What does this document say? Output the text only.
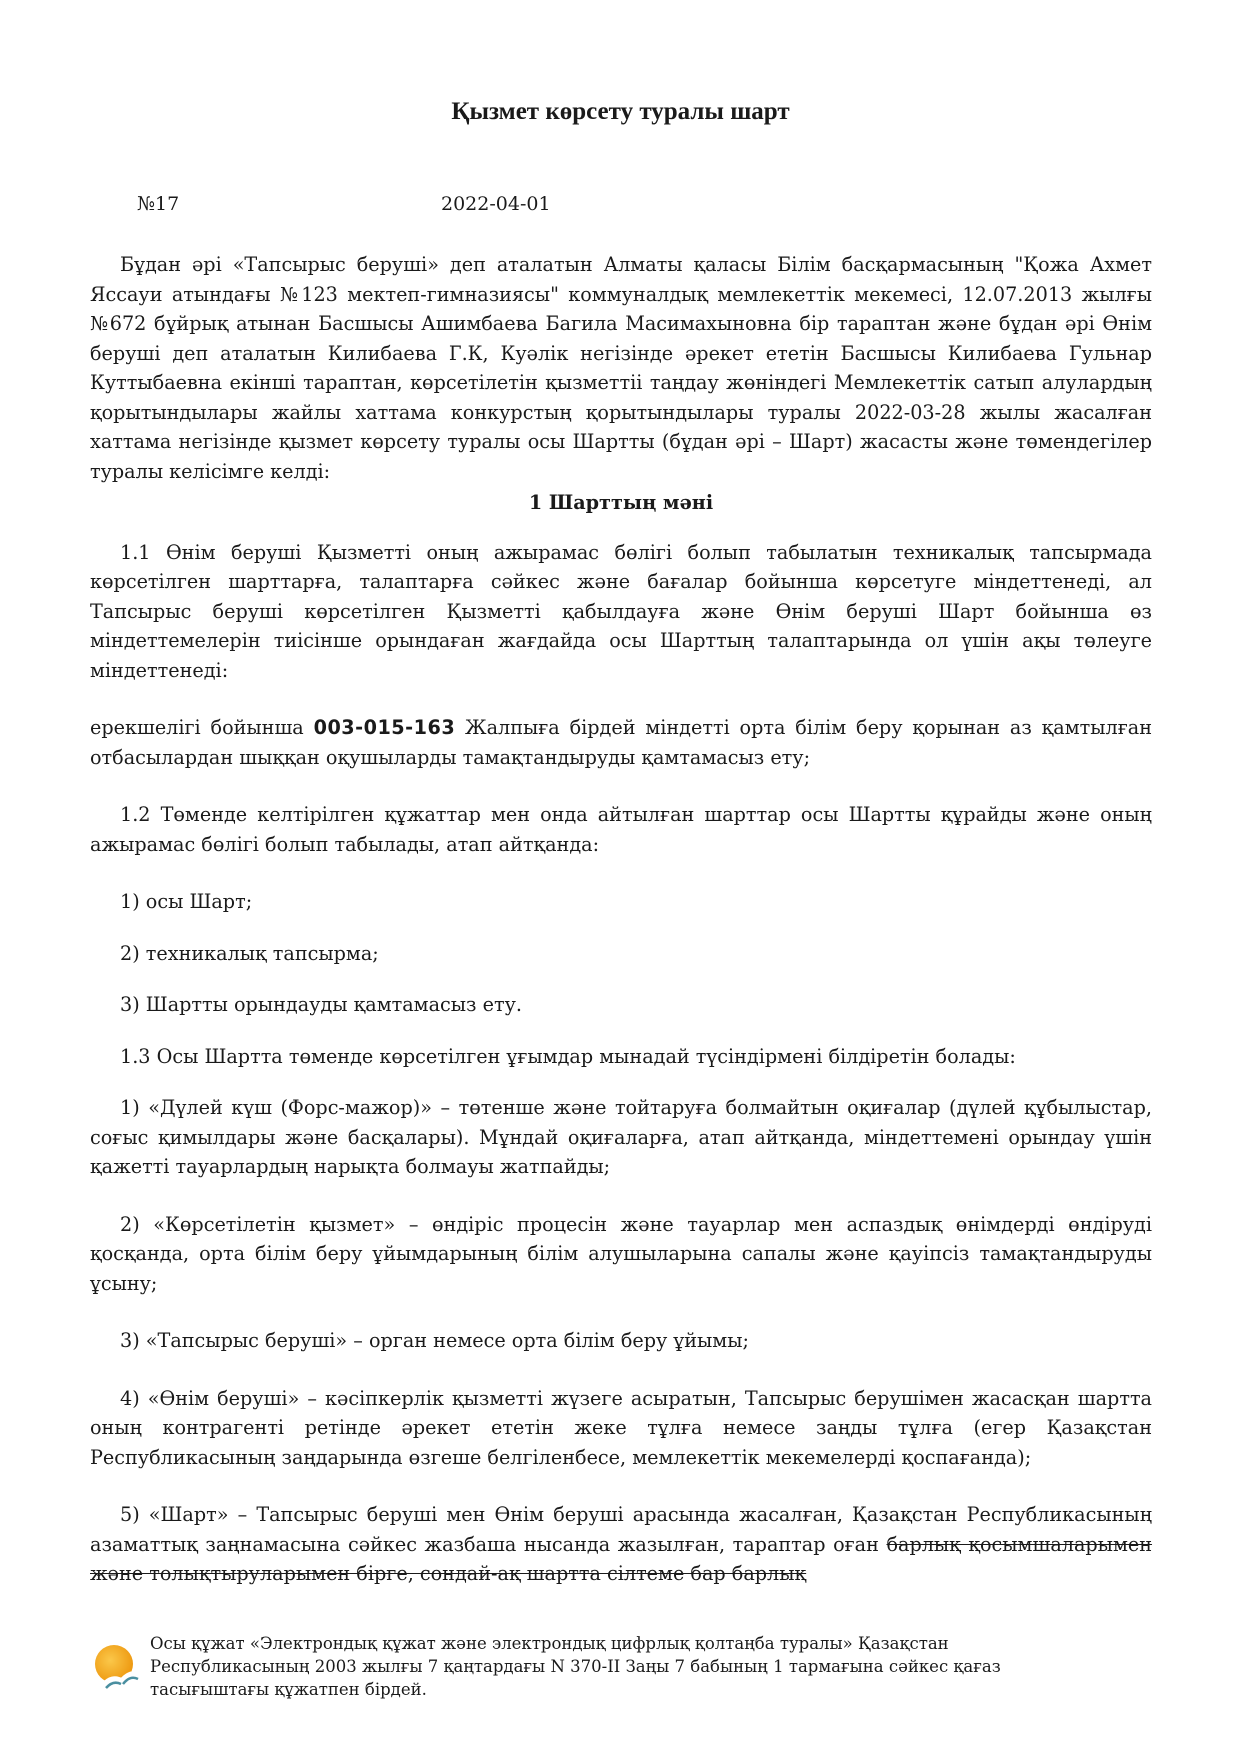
Қызмет көрсету туралы шарт
№17	2022-04-01

Бұдан әрі «Тапсырыс беруші» деп аталатын Алматы қаласы Білім басқармасының "Қожа Ахмет Яссауи атындағы №123 мектеп-гимназиясы" коммуналдық мемлекеттік мекемесі, 12.07.2013 жылғы №672 бұйрық атынан Басшысы Ашимбаева Багила Масимахыновна бір тараптан және бұдан әрі Өнім беруші деп аталатын Килибаева Г.К, Куәлік негізінде әрекет ететін Басшысы Килибаева Гульнар Куттыбаевна екінші тараптан, көрсетілетін қызметтіі таңдау жөніндегі Мемлекеттік сатып алулардың қорытындылары жайлы хаттама конкурстың қорытындылары туралы 2022-03-28 жылы жасалған хаттама негізінде қызмет көрсету туралы осы Шартты (бұдан әрі – Шарт) жасасты және төмендегілер туралы келісімге келді:

1 Шарттың мәні

1.1 Өнім беруші Қызметті оның ажырамас бөлігі болып табылатын техникалық тапсырмада көрсетілген шарттарға, талаптарға сәйкес және бағалар бойынша көрсетуге міндеттенеді, ал Тапсырыс беруші көрсетілген Қызметті қабылдауға және Өнім беруші Шарт бойынша өз міндеттемелерін тиісінше орындаған жағдайда осы Шарттың талаптарында ол үшін ақы төлеуге міндеттенеді:

ерекшелігі бойынша 003-015-163 Жалпыға бірдей міндетті орта білім беру қорынан аз қамтылған отбасылардан шыққан оқушыларды тамақтандыруды қамтамасыз ету;

1.2 Төменде келтірілген құжаттар мен онда айтылған шарттар осы Шартты құрайды және оның ажырамас бөлігі болып табылады, атап айтқанда:

1) осы Шарт;

2) техникалық тапсырма;

3) Шартты орындауды қамтамасыз ету.

1.3 Осы Шартта төменде көрсетілген ұғымдар мынадай түсіндірмені білдіретін болады:

1) «Дүлей күш (Форс-мажор)» – төтенше және тойтаруға болмайтын оқиғалар (дүлей құбылыстар, соғыс қимылдары және басқалары). Мұндай оқиғаларға, атап айтқанда, міндеттемені орындау үшін қажетті тауарлардың нарықта болмауы жатпайды;

2) «Көрсетілетін қызмет» – өндіріс процесін және тауарлар мен аспаздық өнімдерді өндіруді қосқанда, орта білім беру ұйымдарының білім алушыларына сапалы және қауіпсіз тамақтандыруды ұсыну;

3) «Тапсырыс беруші» – орган немесе орта білім беру ұйымы;

4) «Өнім беруші» – кәсіпкерлік қызметті жүзеге асыратын, Тапсырыс берушімен жасасқан шартта оның контрагенті ретінде әрекет ететін жеке тұлға немесе заңды тұлға (егер Қазақстан Республикасының заңдарында өзгеше белгіленбесе, мемлекеттік мекемелерді қоспағанда);

5) «Шарт» – Тапсырыс беруші мен Өнім беруші арасында жасалған, Қазақстан Республикасының азаматтық заңнамасына сәйкес жазбаша нысанда жазылған, тараптар оған барлық қосымшаларымен және толықтыруларымен бірге, сондай-ақ шартта сілтеме бар барлық

Осы құжат «Электрондық құжат және электрондық цифрлық қолтаңба туралы» Қазақстан Республикасының 2003 жылғы 7 қаңтардағы N 370-II Заңы 7 бабының 1 тармағына сәйкес қағаз тасығыштағы құжатпен бірдей.
